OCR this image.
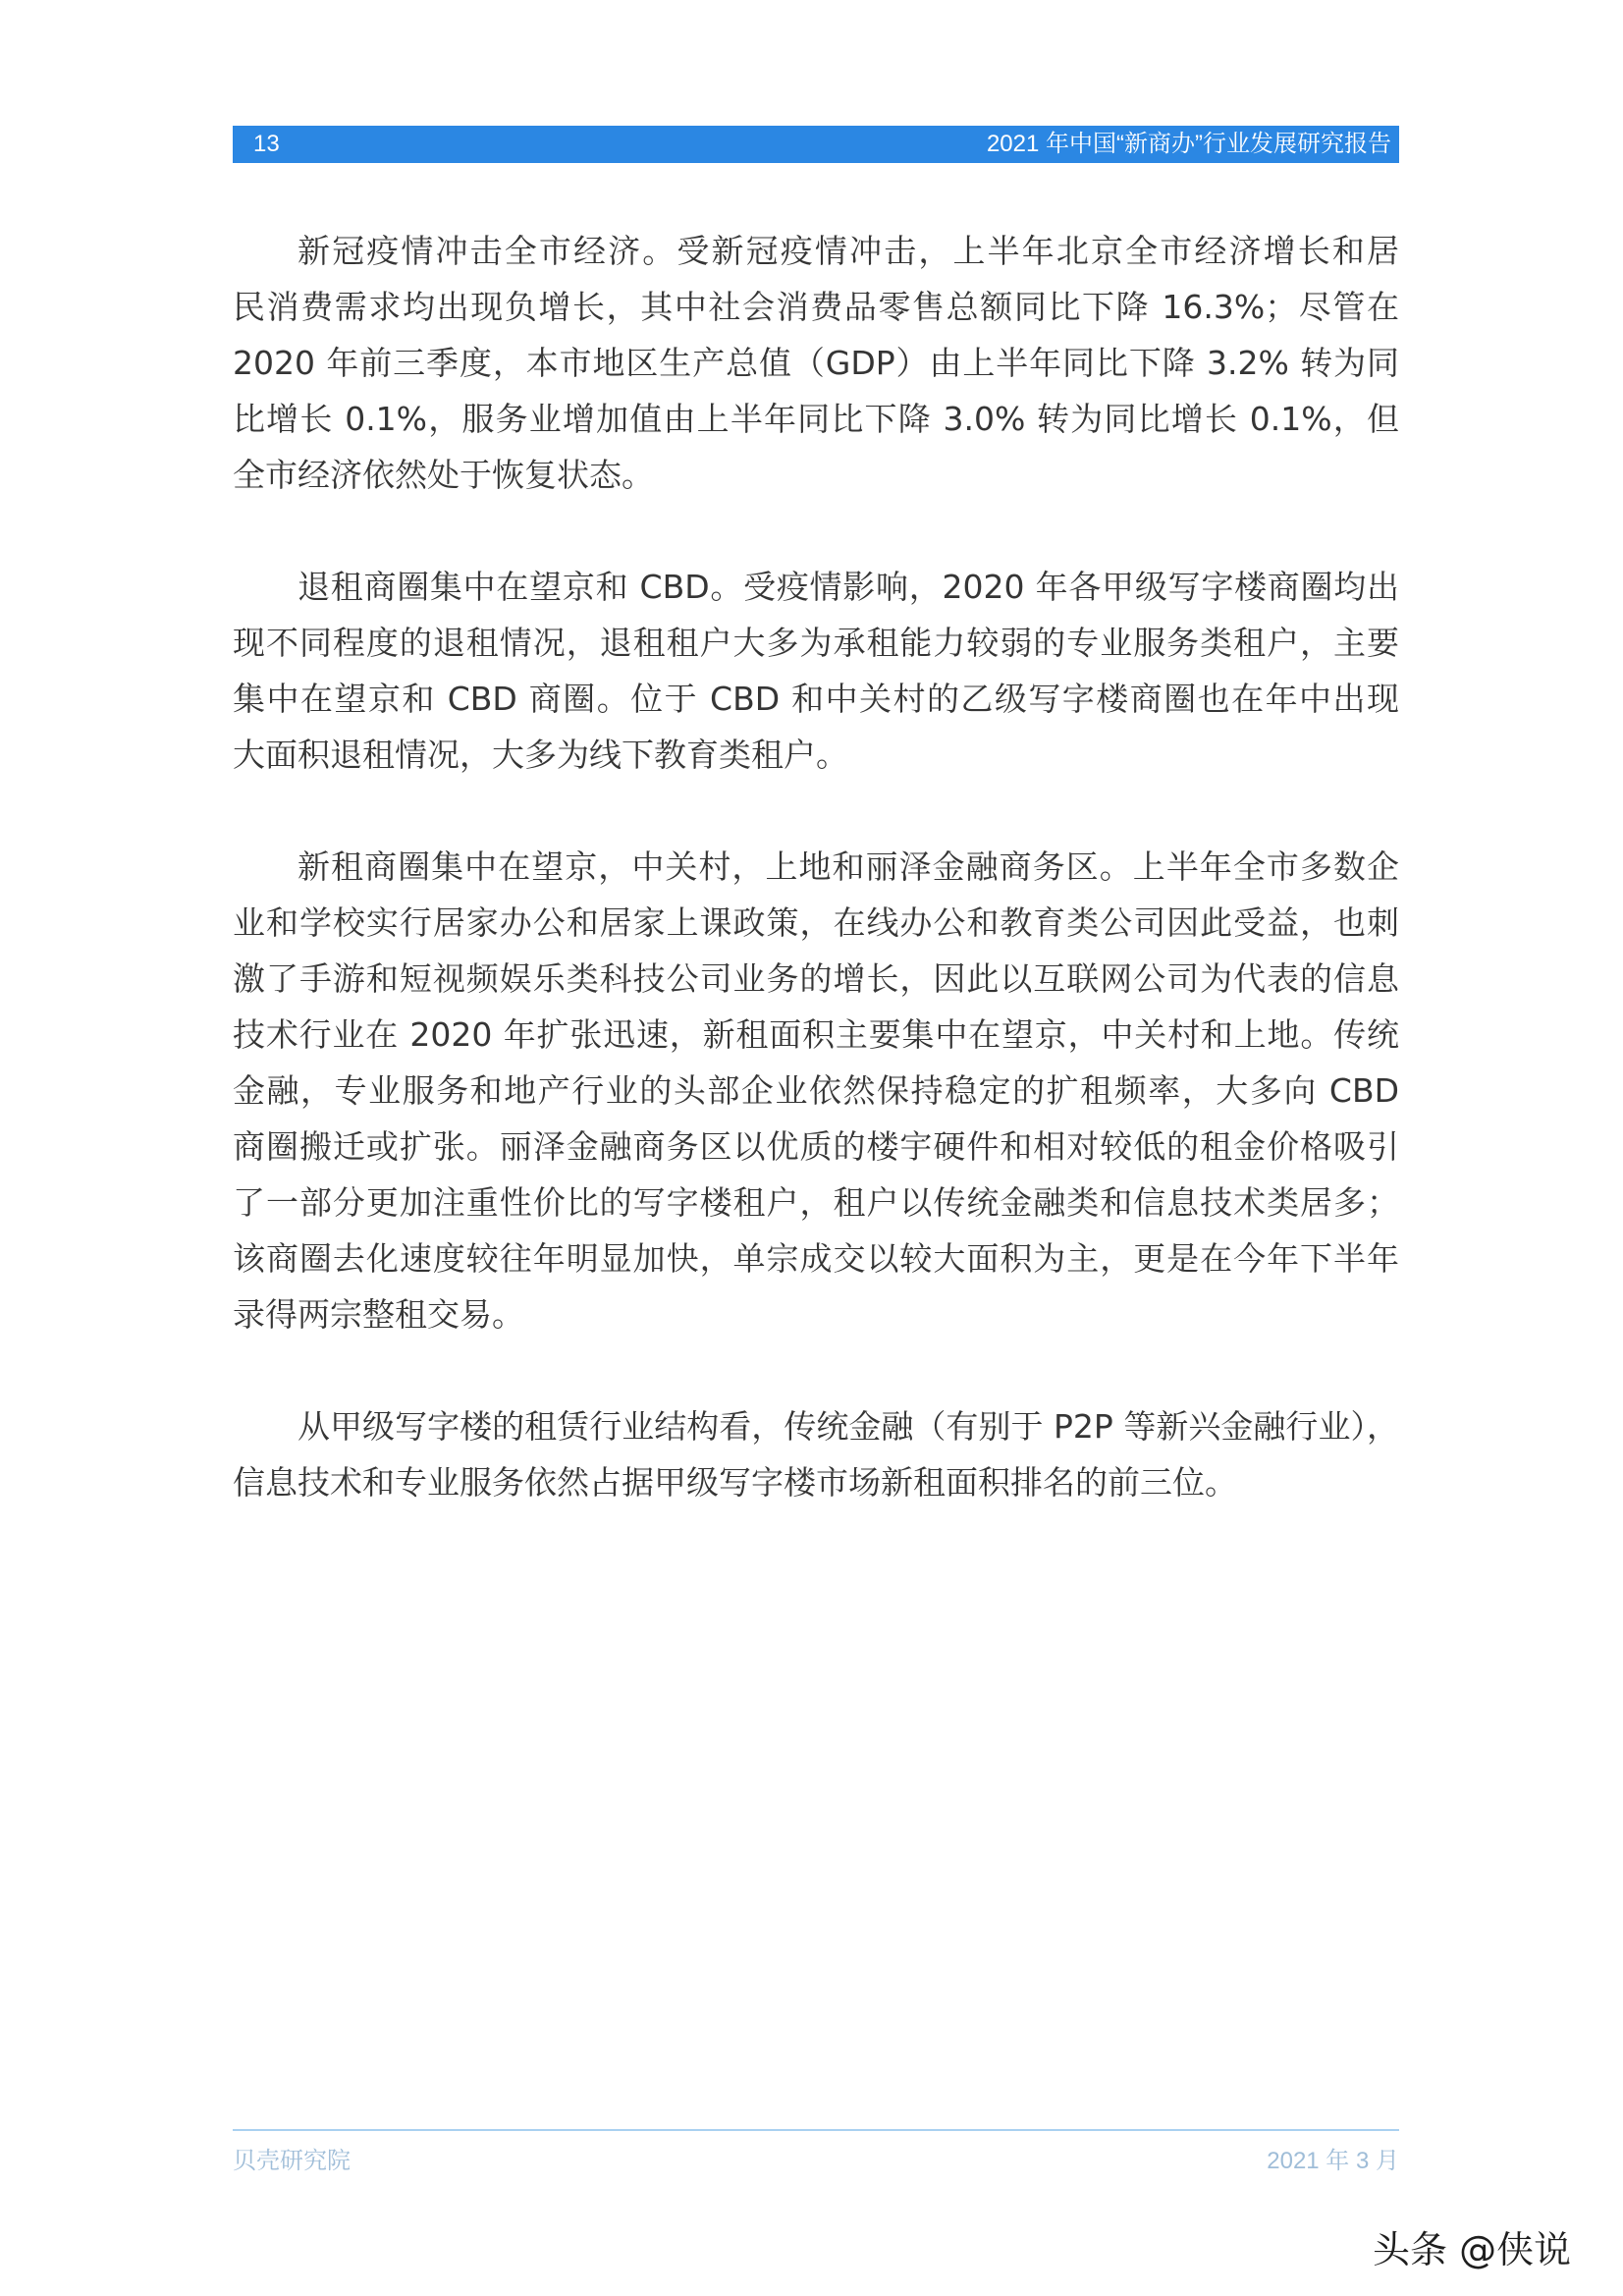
13	2021 年中国“新商办”行业发展研究报告
新冠疫情冲击全市经济。受新冠疫情冲击，上半年北京全市经济增长和居
民消费需求均出现负增长，其中社会消费品零售总额同比下降 16.3%；尽管在
2020 年前三季度，本市地区生产总值（GDP）由上半年同比下降 3.2% 转为同
比增长 0.1%，服务业增加值由上半年同比下降 3.0% 转为同比增长 0.1%，但
全市经济依然处于恢复状态。
退租商圈集中在望京和 CBD。受疫情影响，2020 年各甲级写字楼商圈均出
现不同程度的退租情况，退租租户大多为承租能力较弱的专业服务类租户，主要
集中在望京和 CBD 商圈。位于 CBD 和中关村的乙级写字楼商圈也在年中出现
大面积退租情况，大多为线下教育类租户。
新租商圈集中在望京，中关村，上地和丽泽金融商务区。上半年全市多数企
业和学校实行居家办公和居家上课政策，在线办公和教育类公司因此受益，也刺
激了手游和短视频娱乐类科技公司业务的增长，因此以互联网公司为代表的信息
技术行业在 2020 年扩张迅速，新租面积主要集中在望京，中关村和上地。传统
金融，专业服务和地产行业的头部企业依然保持稳定的扩租频率，大多向 CBD
商圈搬迁或扩张。丽泽金融商务区以优质的楼宇硬件和相对较低的租金价格吸引
了一部分更加注重性价比的写字楼租户，租户以传统金融类和信息技术类居多；
该商圈去化速度较往年明显加快，单宗成交以较大面积为主，更是在今年下半年
录得两宗整租交易。
从甲级写字楼的租赁行业结构看，传统金融（有别于 P2P 等新兴金融行业），
信息技术和专业服务依然占据甲级写字楼市场新租面积排名的前三位。
贝壳研究院	2021 年 3 月
头条 @侠说
